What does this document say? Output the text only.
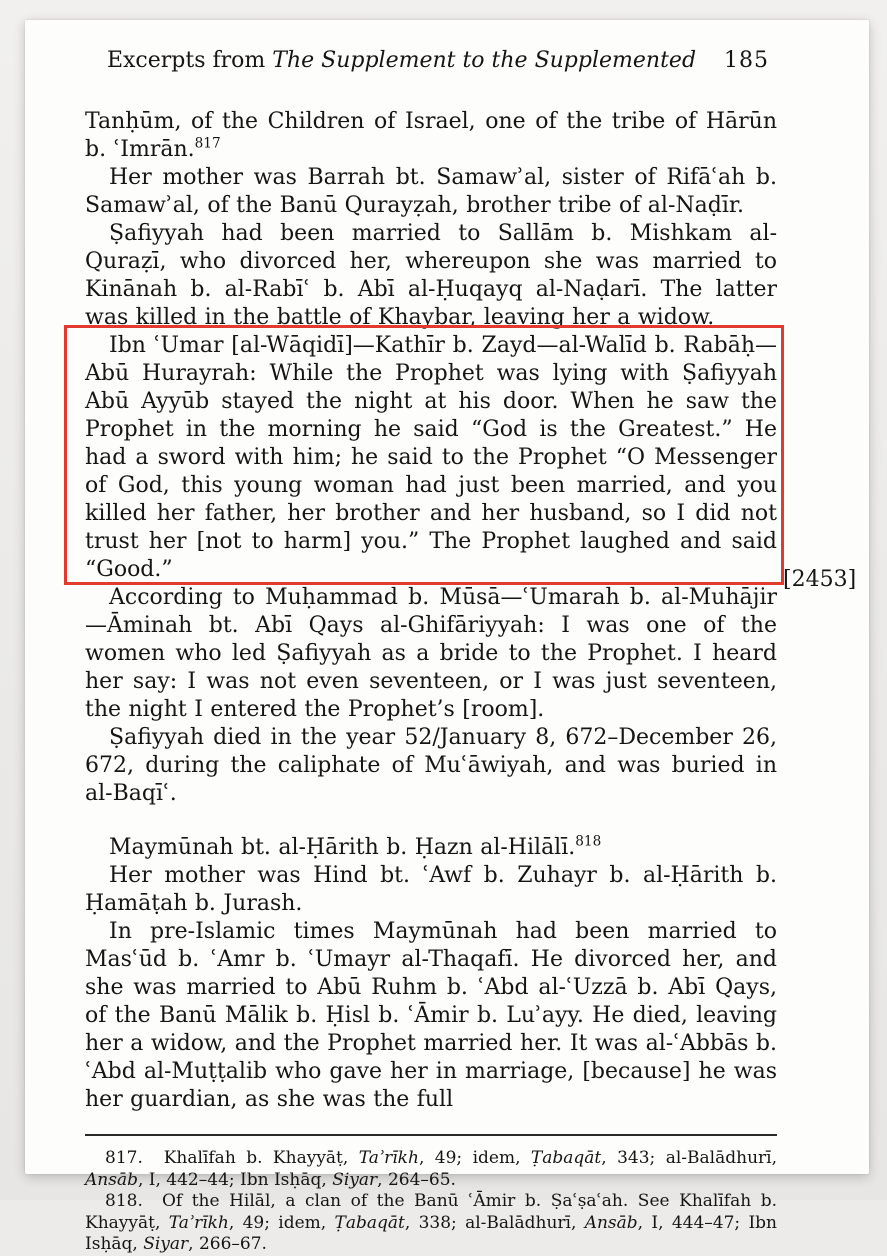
Excerpts from The Supplement to the Supplemented 185

Tanḥūm, of the Children of Israel, one of the tribe of Hārūn b. ʿImrān.$^{817}$

Her mother was Barrah bt. Samawʾal, sister of Rifāʿah b. Samawʾal, of the Banū Qurayẓah, brother tribe of al-Naḍīr.

Ṣafiyyah had been married to Sallām b. Mishkam al-Quraẓī, who divorced her, whereupon she was married to Kinānah b. al-Rabīʿ b. Abī al-Ḥuqayq al-Naḍarī. The latter was killed in the battle of Khaybar, leaving her a widow.

Ibn ʿUmar [al-Wāqidī]—Kathīr b. Zayd—al-Walīd b. Rabāḥ—Abū Hurayrah: While the Prophet was lying with Ṣafiyyah Abū Ayyūb stayed the night at his door. When he saw the Prophet in the morning he said “God is the Greatest.” He had a sword with him; he said to the Prophet “O Messenger of God, this young woman had just been married, and you killed her father, her brother and her husband, so I did not trust her [not to harm] you.” The Prophet laughed and said “Good.”

According to Muḥammad b. Mūsā—ʿUmarah b. al-Muhājir—Āminah bt. Abī Qays al-Ghifāriyyah: I was one of the women who led Ṣafiyyah as a bride to the Prophet. I heard her say: I was not even seventeen, or I was just seventeen, the night I entered the Prophet’s [room].

Ṣafiyyah died in the year 52/January 8, 672–December 26, 672, during the caliphate of Muʿāwiyah, and was buried in al-Baqīʿ.

Maymūnah bt. al-Ḥārith b. Ḥazn al-Hilālī.$^{818}$

Her mother was Hind bt. ʿAwf b. Zuhayr b. al-Ḥārith b. Ḥamāṭah b. Jurash.

In pre-Islamic times Maymūnah had been married to Masʿūd b. ʿAmr b. ʿUmayr al-Thaqafī. He divorced her, and she was married to Abū Ruhm b. ʿAbd al-ʿUzzā b. Abī Qays, of the Banū Mālik b. Ḥisl b. ʿĀmir b. Luʾayy. He died, leaving her a widow, and the Prophet married her. It was al-ʿAbbās b. ʿAbd al-Muṭṭalib who gave her in marriage, [because] he was her guardian, as she was the full

[2453]

817.  Khalīfah b. Khayyāṭ, Taʾrīkh, 49; idem, Ṭabaqāt, 343; al-Balādhurī, Ansāb, I, 442–44; Ibn Isḥāq, Siyar, 264–65.

818.  Of the Hilāl, a clan of the Banū ʿĀmir b. Ṣaʿṣaʿah. See Khalīfah b. Khayyāṭ, Taʾrīkh, 49; idem, Ṭabaqāt, 338; al-Balādhurī, Ansāb, I, 444–47; Ibn Isḥāq, Siyar, 266–67.
